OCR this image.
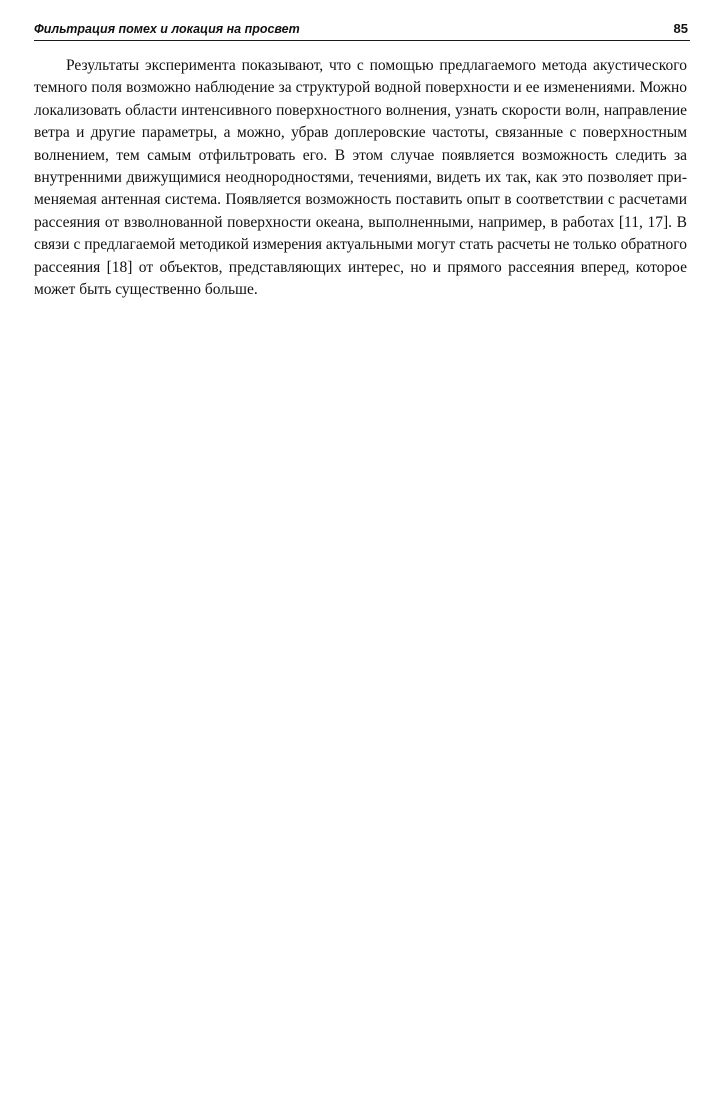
Фильтрация помех и локация на просвет	85

Результаты эксперимента показывают, что с помощью предлагаемого метода акустического темного поля возможно наблюдение за структурой водной поверхности и ее изменениями. Можно локализовать области интенсивного поверхностного волнения, узнать скорости волн, направление ветра и другие параметры, а можно, убрав доплеровские частоты, связанные с поверхностным волнением, тем самым отфильтровать его. В этом случае появляется возможность следить за внутренними движущимися неоднородностями, течениями, видеть их так, как это позволяет применяемая антенная система. Появляется возможность поставить опыт в соответствии с расчетами рассеяния от взволнованной поверхности океана, выполненными, например, в работах [11, 17]. В связи с предлагаемой методикой измерения актуальными могут стать расчеты не только обратного рассеяния [18] от объектов, представляющих интерес, но и прямого рассеяния вперед, которое может быть существенно больше.
